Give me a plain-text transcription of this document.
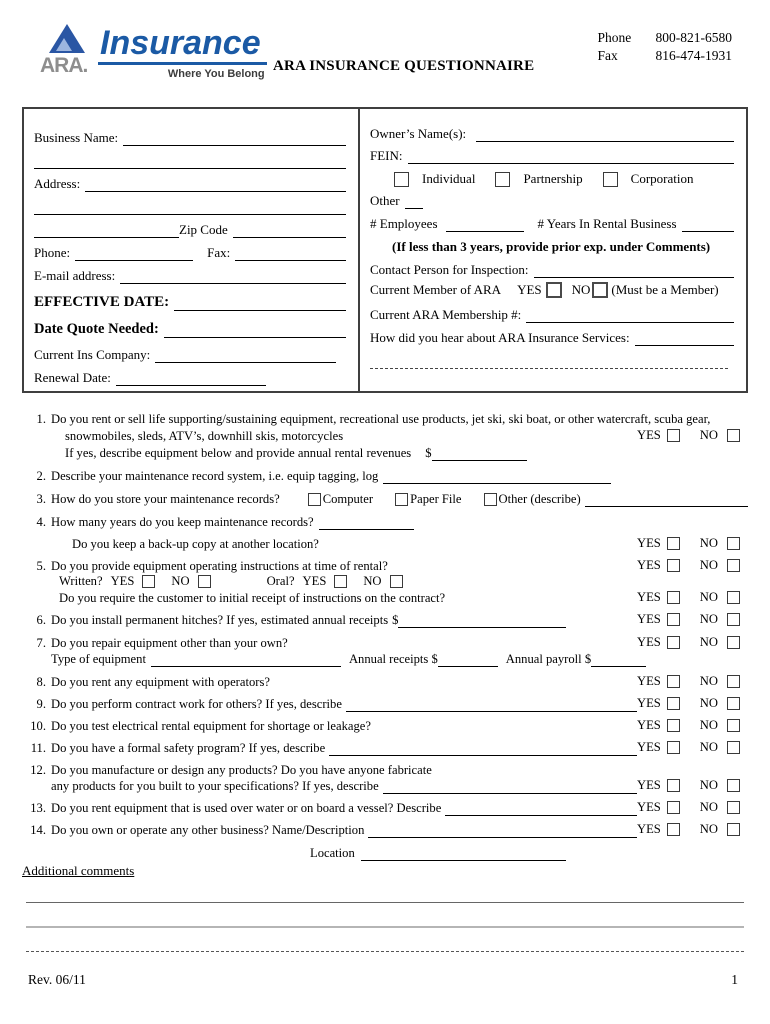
ARA.
Insurance
Where You Belong ARA INSURANCE QUESTIONNAIRE
Phone	800-821-6580
Fax	816-474-1931
Business Name:
Address:
Zip Code
Phone:	Fax:
E-mail address:
EFFECTIVE DATE:
Date Quote Needed:
Current Ins Company:
Renewal Date:
Owner’s Name(s):
FEIN:
Individual	Partnership	Corporation
Other
# Employees	# Years In Rental Business
(If less than 3 years, provide prior exp. under Comments)
Contact Person for Inspection:
Current Member of ARA YES NO (Must be a Member)
Current ARA Membership #:
How did you hear about ARA Insurance Services:
1. Do you rent or sell life supporting/sustaining equipment, recreational use products, jet ski, ski boat, or other watercraft, scuba gear,
snowmobiles, sleds, ATV’s, downhill skis, motorcycles	YES	NO
If yes, describe equipment below and provide annual rental revenues $
2. Describe your maintenance record system, i.e. equip tagging, log
3. How do you store your maintenance records?	Computer	Paper File	Other (describe)
4. How many years do you keep maintenance records?
Do you keep a back-up copy at another location?	YES	NO
5. Do you provide equipment operating instructions at time of rental?	YES	NO
Written? YES	NO	Oral? YES	NO
Do you require the customer to initial receipt of instructions on the contract?	YES	NO
6. Do you install permanent hitches? If yes, estimated annual receipts $	YES	NO
7. Do you repair equipment other than your own?	YES	NO
Type of equipment	Annual receipts $	Annual payroll $
8. Do you rent any equipment with operators?	YES	NO
9. Do you perform contract work for others? If yes, describe	YES	NO
10. Do you test electrical rental equipment for shortage or leakage?	YES	NO
11. Do you have a formal safety program? If yes, describe	YES	NO
12. Do you manufacture or design any products? Do you have anyone fabricate
any products for you built to your specifications? If yes, describe	YES	NO
13. Do you rent equipment that is used over water or on board a vessel? Describe	YES	NO
14. Do you own or operate any other business? Name/Description	YES	NO
Location
Additional comments
Rev. 06/11	1
